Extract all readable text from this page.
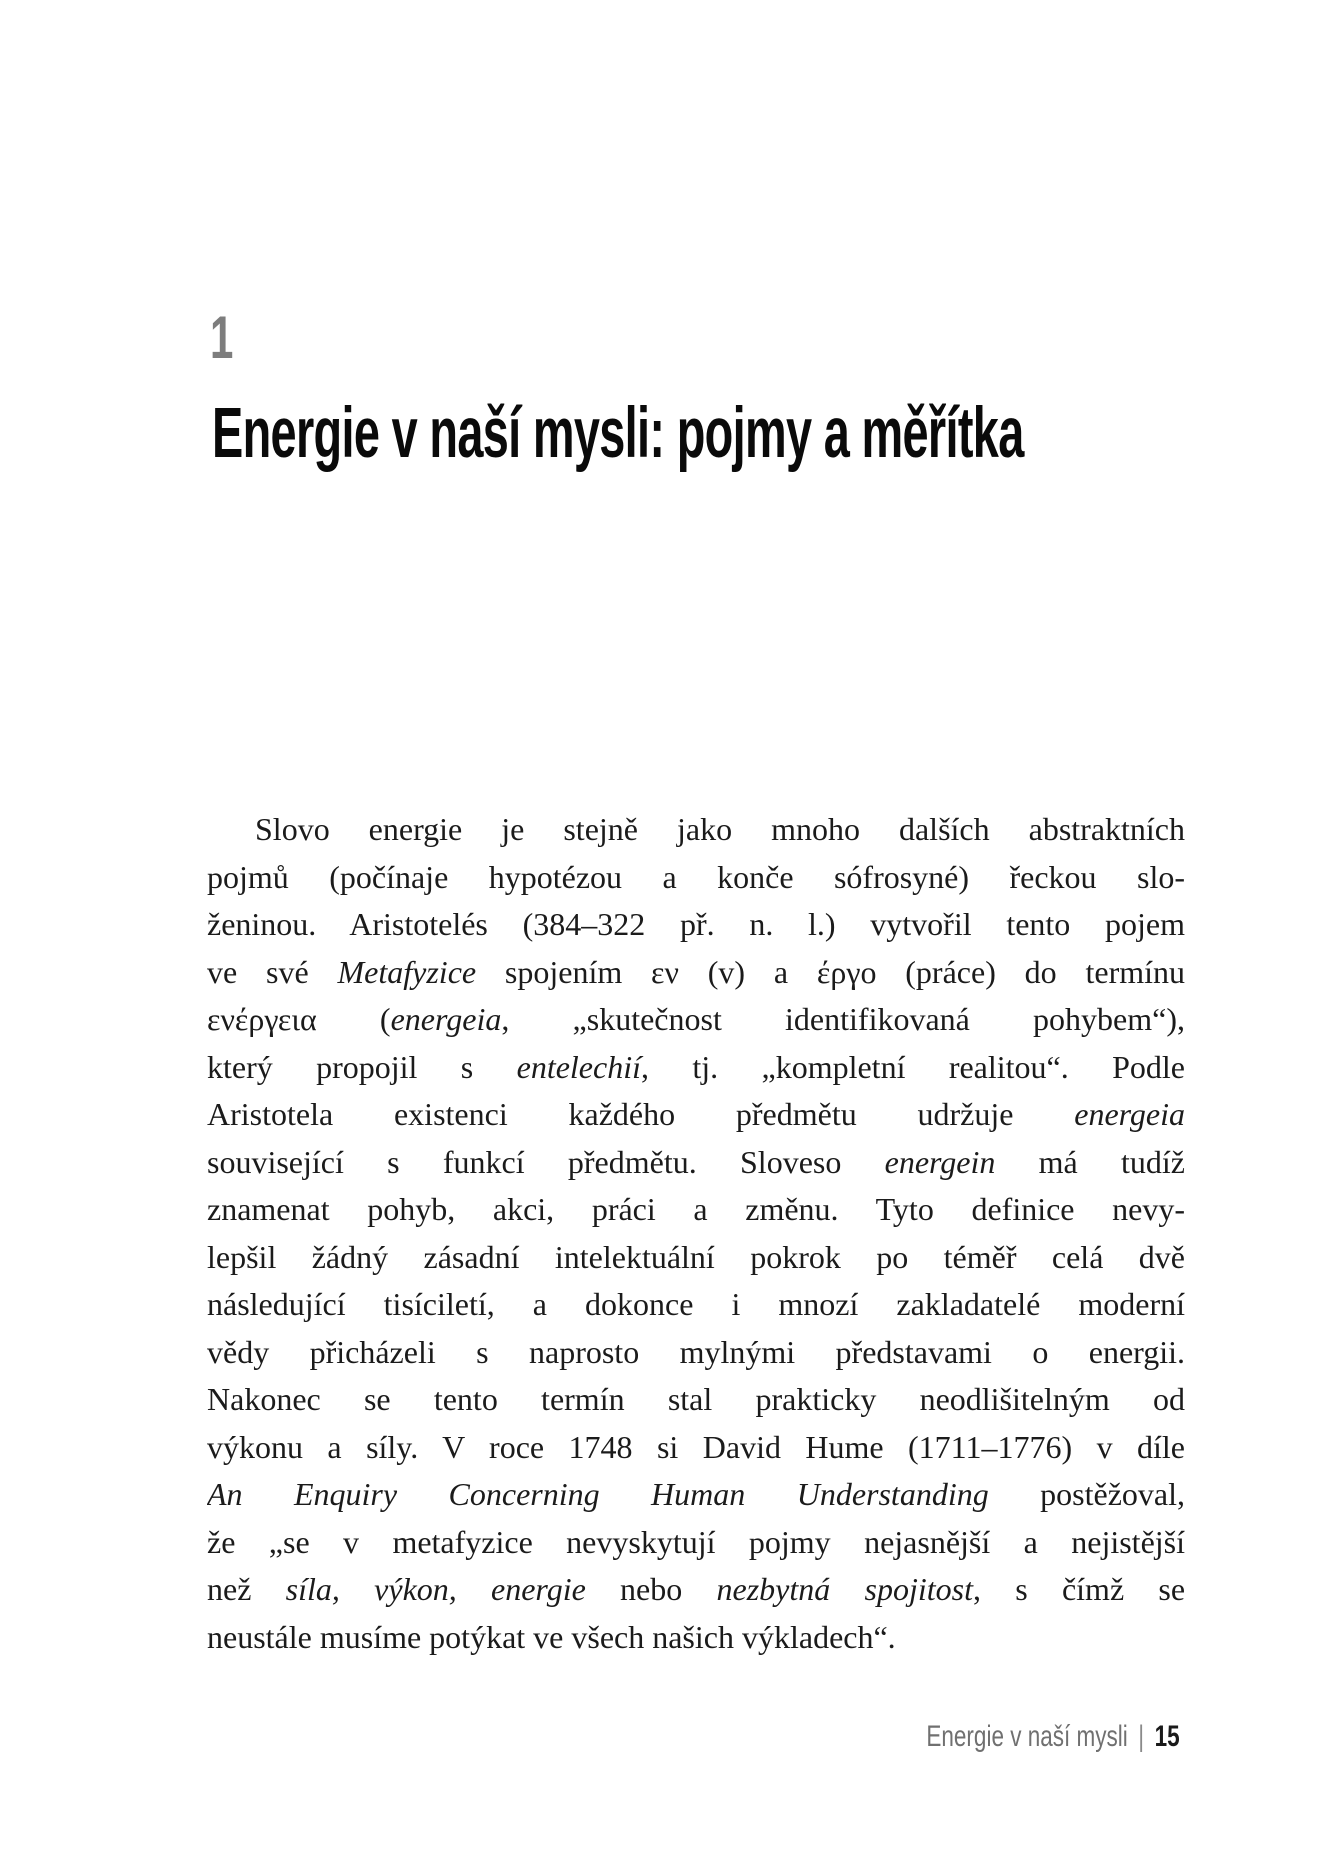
1
Energie v naší mysli: pojmy a měřítka
Slovo energie je stejně jako mnoho dalších abstraktních
pojmů (počínaje hypotézou a konče sófrosyné) řeckou slo-
ženinou. Aristotelés (384–322 př. n. l.) vytvořil tento pojem
ve své Metafyzice spojením εν (v) a έργο (práce) do termínu
ενέργεια (energeia, „skutečnost identifikovaná pohybem“),
který propojil s entelechií, tj. „kompletní realitou“. Podle
Aristotela existenci každého předmětu udržuje energeia
související s funkcí předmětu. Sloveso energein má tudíž
znamenat pohyb, akci, práci a změnu. Tyto definice nevy-
lepšil žádný zásadní intelektuální pokrok po téměř celá dvě
následující tisíciletí, a dokonce i mnozí zakladatelé moderní
vědy přicházeli s naprosto mylnými představami o energii.
Nakonec se tento termín stal prakticky neodlišitelným od
výkonu a síly. V roce 1748 si David Hume (1711–1776) v díle
An Enquiry Concerning Human Understanding postěžoval,
že „se v metafyzice nevyskytují pojmy nejasnější a nejistější
než síla, výkon, energie nebo nezbytná spojitost, s čímž se
neustále musíme potýkat ve všech našich výkladech“.
Energie v naší mysli | 15
